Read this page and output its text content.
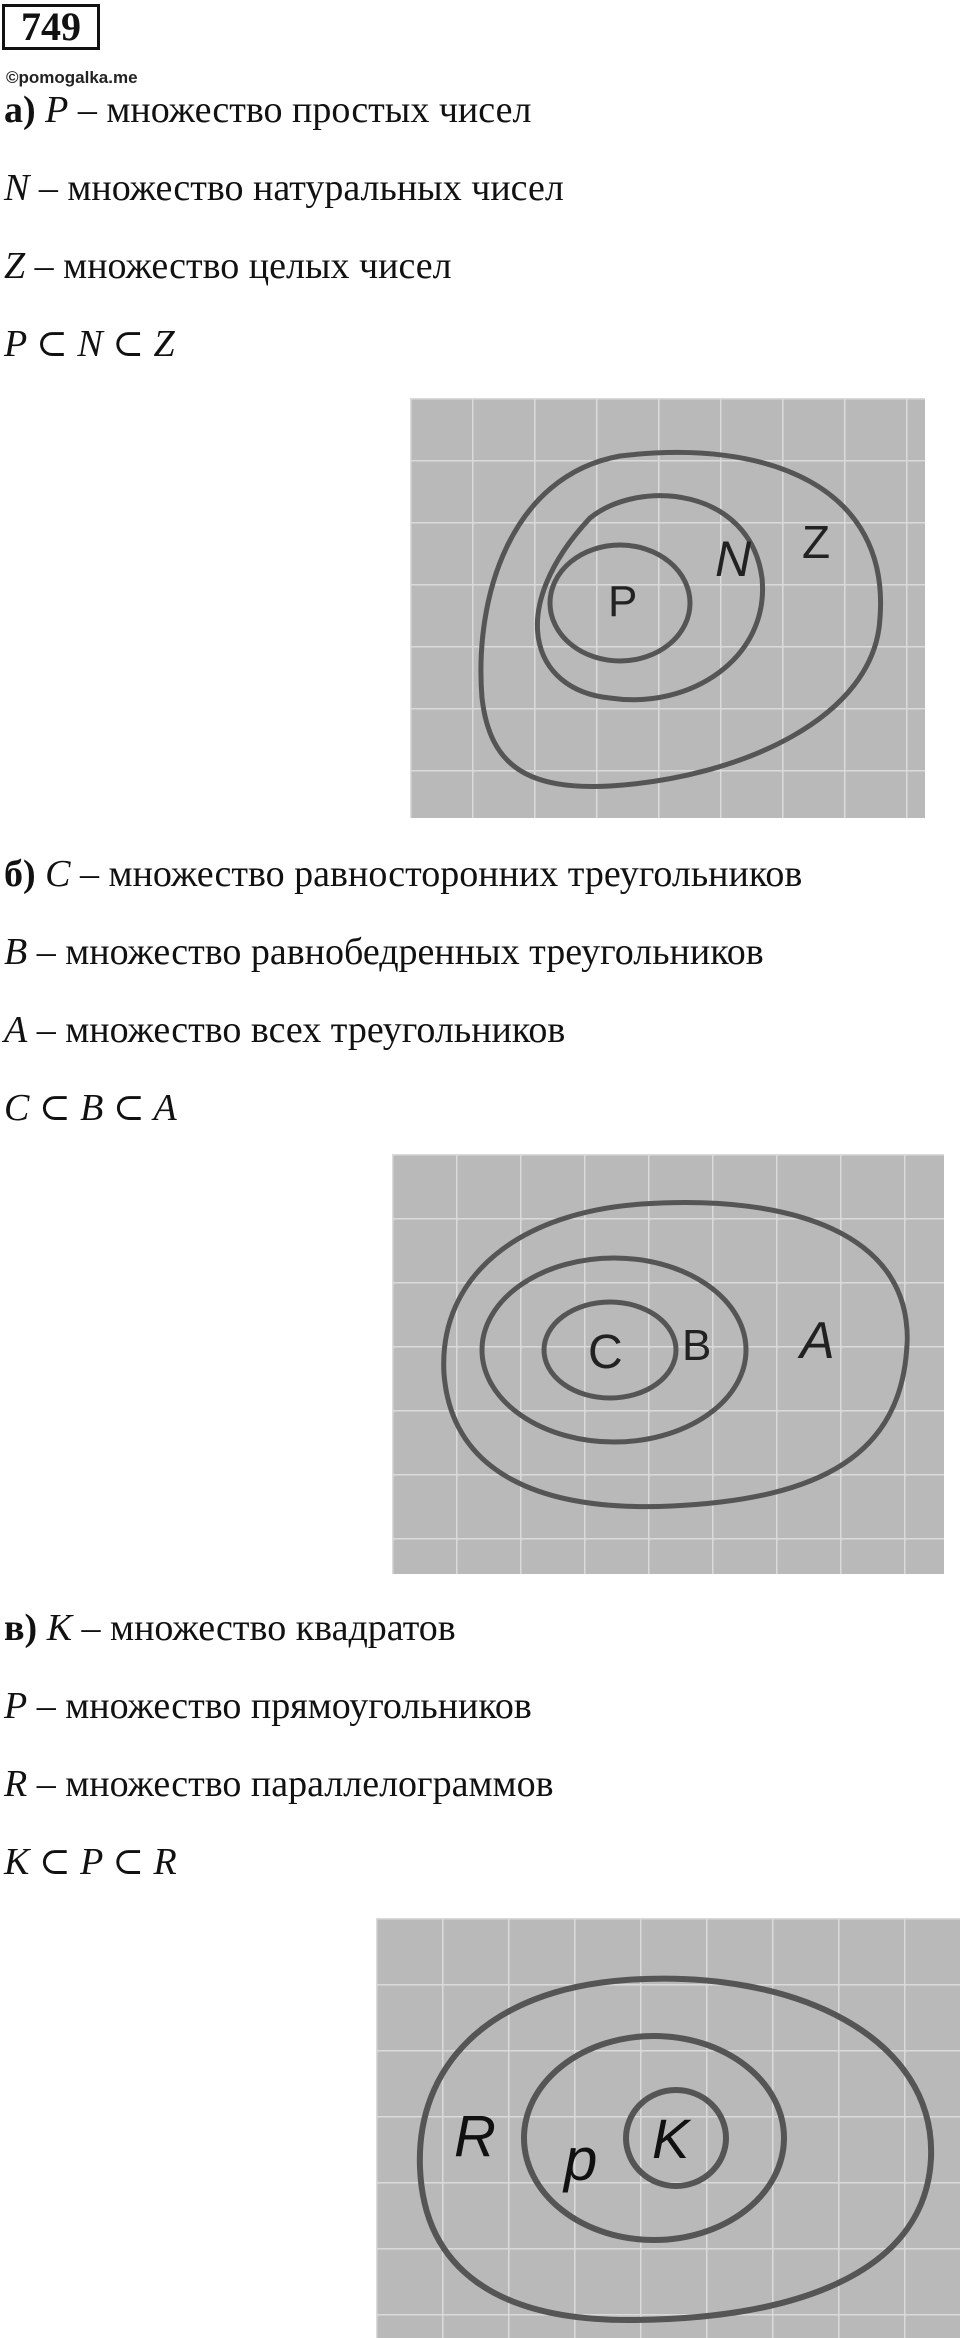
749
©pomogalka.me
а) P – множество простых чисел
N – множество натуральных чисел
Z – множество целых чисел
P ⊂ N ⊂ Z
P
N Z
б) C – множество равносторонних треугольников
B – множество равнобедренных треугольников
A – множество всех треугольников
C ⊂ B ⊂ A
C B A
в) K – множество квадратов
P – множество прямоугольников
R – множество параллелограммов
K ⊂ P ⊂ R
K
p
R
